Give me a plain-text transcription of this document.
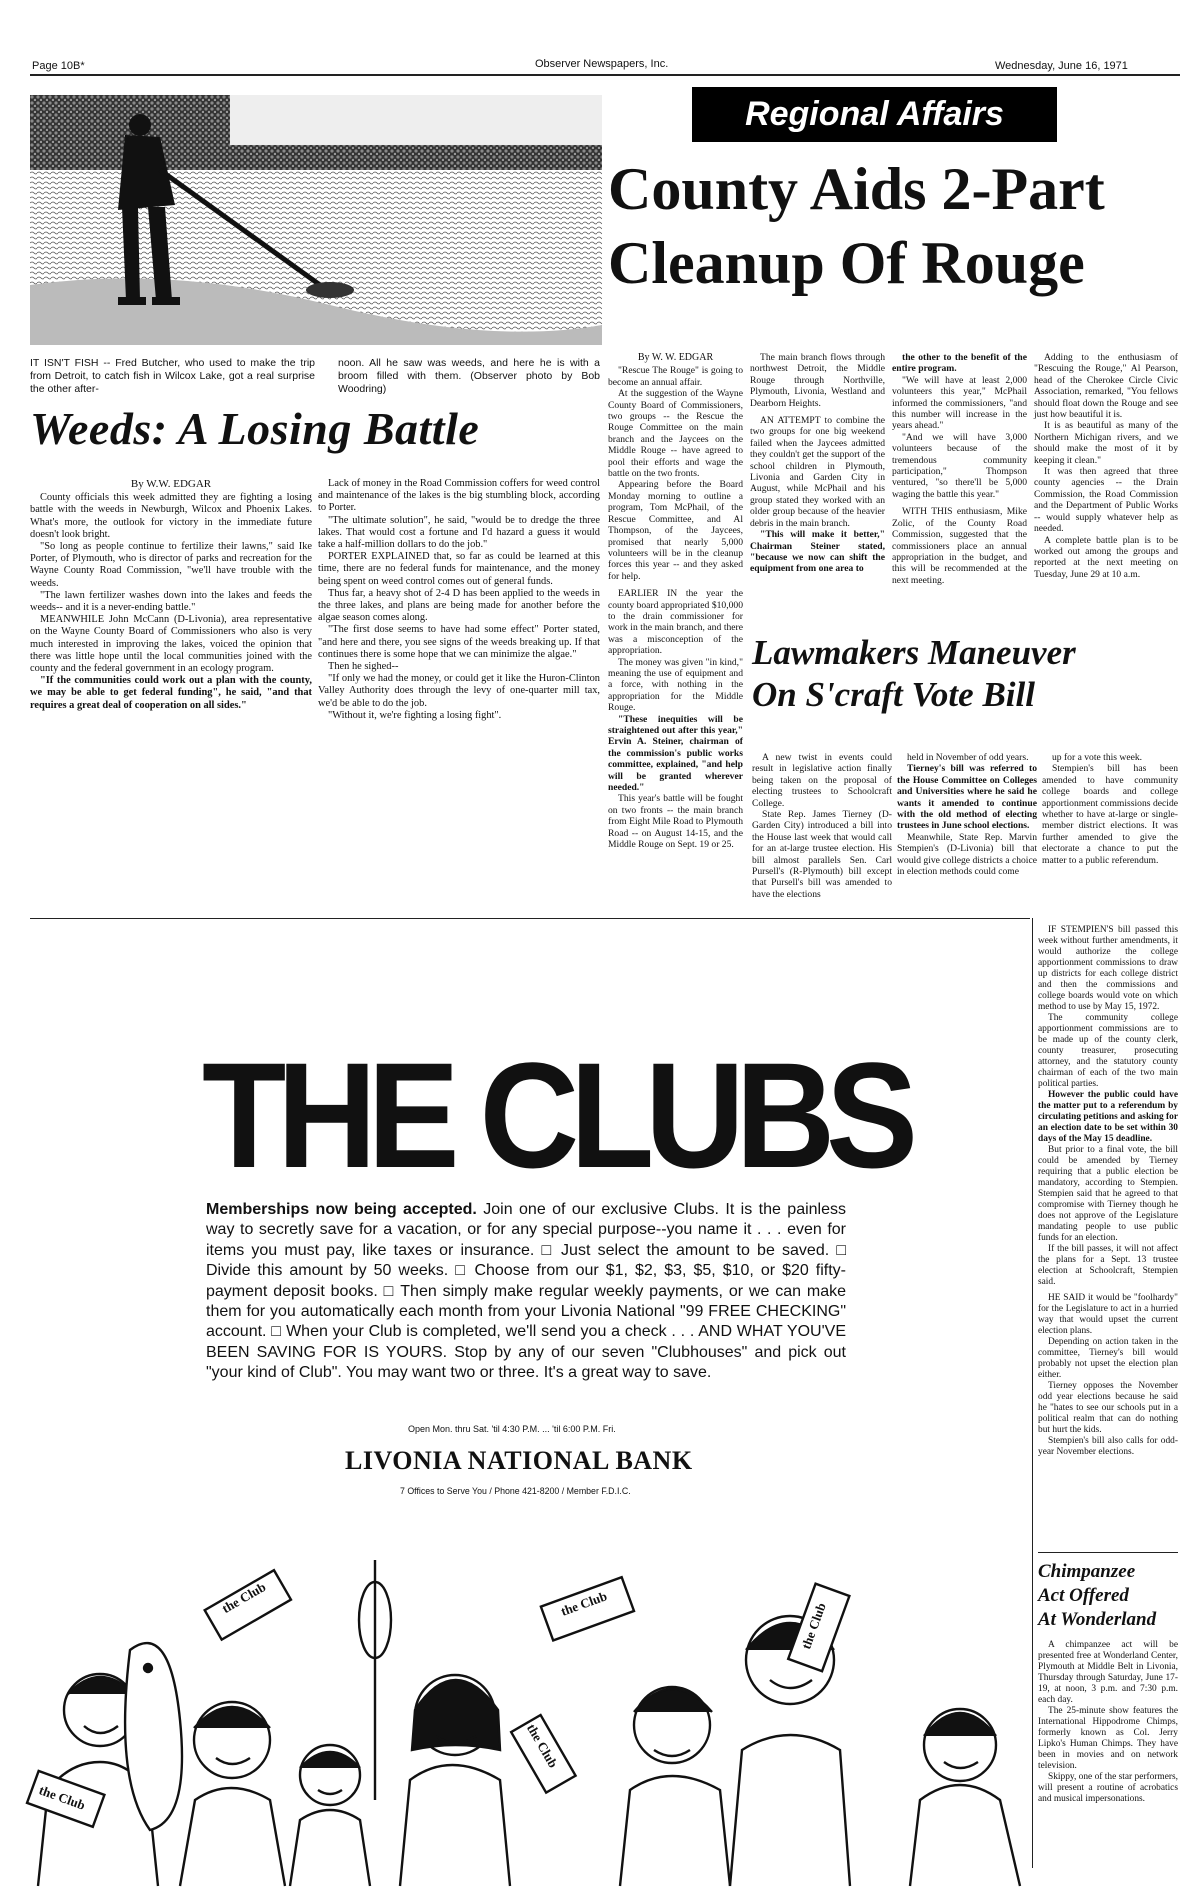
Page 10B*	Observer Newspapers, Inc.	Wednesday, June 16, 1971
IT ISN'T FISH -- Fred Butcher, who used to make the trip from Detroit, to catch fish in Wilcox Lake, got a real surprise the other after-
noon. All he saw was weeds, and here he is with a broom filled with them. (Observer photo by Bob Woodring)
Weeds: A Losing Battle
By W.W. EDGAR

County officials this week admitted they are fighting a losing battle with the weeds in Newburgh, Wilcox and Phoenix Lakes. What's more, the outlook for victory in the immediate future doesn't look bright.

"So long as people continue to fertilize their lawns," said Ike Porter, of Plymouth, who is director of parks and recreation for the Wayne County Road Commission, "we'll have trouble with the weeds.

"The lawn fertilizer washes down into the lakes and feeds the weeds-- and it is a never-ending battle."

MEANWHILE John McCann (D-Livonia), area representative on the Wayne County Board of Commissioners who also is very much interested in improving the lakes, voiced the opinion that there was little hope until the local communities joined with the county and the federal government in an ecology program.

"If the communities could work out a plan with the county, we may be able to get federal funding", he said, "and that requires a great deal of cooperation on all sides."

Lack of money in the Road Commission coffers for weed control and maintenance of the lakes is the big stumbling block, according to Porter.

"The ultimate solution", he said, "would be to dredge the three lakes. That would cost a fortune and I'd hazard a guess it would take a half-million dollars to do the job."

PORTER EXPLAINED that, so far as could be learned at this time, there are no federal funds for maintenance, and the money being spent on weed control comes out of general funds.

Thus far, a heavy shot of 2-4 D has been applied to the weeds in the three lakes, and plans are being made for another before the algae season comes along.

"The first dose seems to have had some effect" Porter stated, "and here and there, you see signs of the weeds breaking up. If that continues there is some hope that we can minimize the algae."

Then he sighed--

"If only we had the money, or could get it like the Huron-Clinton Valley Authority does through the levy of one-quarter mill tax, we'd be able to do the job.

"Without it, we're fighting a losing fight".

Regional Affairs
County Aids 2-Part
Cleanup Of Rouge
By W. W. EDGAR

"Rescue The Rouge" is going to become an annual affair.

At the suggestion of the Wayne County Board of Commissioners, two groups -- the Rescue the Rouge Committee on the main branch and the Jaycees on the Middle Rouge -- have agreed to pool their efforts and wage the battle on the two fronts.

Appearing before the Board Monday morning to outline a program, Tom McPhail, of the Rescue Committee, and Al Thompson, of the Jaycees, promised that nearly 5,000 volunteers will be in the cleanup forces this year -- and they asked for help.

EARLIER IN the year the county board appropriated $10,000 to the drain commissioner for work in the main branch, and there was a misconception of the appropriation.

The money was given "in kind," meaning the use of equipment and a force, with nothing in the appropriation for the Middle Rouge.

"These inequities will be straightened out after this year," Ervin A. Steiner, chairman of the commission's public works committee, explained, "and help will be granted wherever needed."

This year's battle will be fought on two fronts -- the main branch from Eight Mile Road to Plymouth Road -- on August 14-15, and the Middle Rouge on Sept. 19 or 25.

The main branch flows through northwest Detroit, the Middle Rouge through Northville, Plymouth, Livonia, Westland and Dearborn Heights.

AN ATTEMPT to combine the two groups for one big weekend failed when the Jaycees admitted they couldn't get the support of the school children in Plymouth, Livonia and Garden City in August, while McPhail and his group stated they worked with an older group because of the heavier debris in the main branch.

"This will make it better," Chairman Steiner stated, "because we now can shift the equipment from one area to

the other to the benefit of the entire program.

"We will have at least 2,000 volunteers this year," McPhail informed the commissioners, "and this number will increase in the years ahead."

"And we will have 3,000 volunteers because of the tremendous community participation," Thompson ventured, "so there'll be 5,000 waging the battle this year."

WITH THIS enthusiasm, Mike Zolic, of the County Road Commission, suggested that the commissioners place an annual appropriation in the budget, and this will be recommended at the next meeting.

Adding to the enthusiasm of "Rescuing the Rouge," Al Pearson, head of the Cherokee Circle Civic Association, remarked, "You fellows should float down the Rouge and see just how beautiful it is.

It is as beautiful as many of the Northern Michigan rivers, and we should make the most of it by keeping it clean."

It was then agreed that three county agencies -- the Drain Commission, the Road Commission and the Department of Public Works -- would supply whatever help as needed.

A complete battle plan is to be worked out among the groups and reported at the next meeting on Tuesday, June 29 at 10 a.m.

Lawmakers Maneuver
On S'craft Vote Bill

A new twist in events could result in legislative action finally being taken on the proposal of electing trustees to Schoolcraft College.

State Rep. James Tierney (D-Garden City) introduced a bill into the House last week that would call for an at-large trustee election. His bill almost parallels Sen. Carl Pursell's (R-Plymouth) bill except that Pursell's bill was amended to have the elections

held in November of odd years.

Tierney's bill was referred to the House Committee on Colleges and Universities where he said he wants it amended to continue with the old method of electing trustees in June school elections.

Meanwhile, State Rep. Marvin Stempien's (D-Livonia) bill that would give college districts a choice in election methods could come

up for a vote this week.

Stempien's bill has been amended to have community college boards and college apportionment commissions decide whether to have at-large or single-member district elections. It was further amended to give the electorate a chance to put the matter to a public referendum.

IF STEMPIEN'S bill passed this week without further amendments, it would authorize the college apportionment commissions to draw up districts for each college district and then the commissions and college boards would vote on which method to use by May 15, 1972.

The community college apportionment commissions are to be made up of the county clerk, county treasurer, prosecuting attorney, and the statutory county chairman of each of the two main political parties.

However the public could have the matter put to a referendum by circulating petitions and asking for an election date to be set within 30 days of the May 15 deadline.

But prior to a final vote, the bill could be amended by Tierney requiring that a public election be mandatory, according to Stempien. Stempien said that he agreed to that compromise with Tierney though he does not approve of the Legislature mandating people to use public funds for an election.

If the bill passes, it will not affect the plans for a Sept. 13 trustee election at Schoolcraft, Stempien said.

HE SAID it would be "foolhardy" for the Legislature to act in a hurried way that would upset the current election plans.

Depending on action taken in the committee, Tierney's bill would probably not upset the election plan either.

Tierney opposes the November odd year elections because he said he "hates to see our schools put in a political realm that can do nothing but hurt the kids.

Stempien's bill also calls for odd-year November elections.

Chimpanzee
Act Offered
At Wonderland

A chimpanzee act will be presented free at Wonderland Center, Plymouth at Middle Belt in Livonia, Thursday through Saturday, June 17-19, at noon, 3 p.m. and 7:30 p.m. each day.

The 25-minute show features the International Hippodrome Chimps, formerly known as Col. Jerry Lipko's Human Chimps. They have been in movies and on network television.

Skippy, one of the star performers, will present a routine of acrobatics and musical impersonations.

THE CLUBS
Memberships now being accepted. Join one of our exclusive Clubs. It is the painless way to secretly save for a vacation, or for any special purpose--you name it . . . even for items you must pay, like taxes or insurance. □ Just select the amount to be saved. □ Divide this amount by 50 weeks. □ Choose from our $1, $2, $3, $5, $10, or $20 fifty-payment deposit books. □ Then simply make regular weekly payments, or we can make them for you automatically each month from your Livonia National "99 FREE CHECKING" account. □ When your Club is completed, we'll send you a check . . . AND WHAT YOU'VE BEEN SAVING FOR IS YOURS. Stop by any of our seven "Clubhouses" and pick out "your kind of Club". You may want two or three. It's a great way to save.
Open Mon. thru Sat. 'til 4:30 P.M. ... 'til 6:00 P.M. Fri.
LIVONIA NATIONAL BANK
7 Offices to Serve You / Phone 421-8200 / Member F.D.I.C.
the Club
the Club
the Club	the Club
the Club
